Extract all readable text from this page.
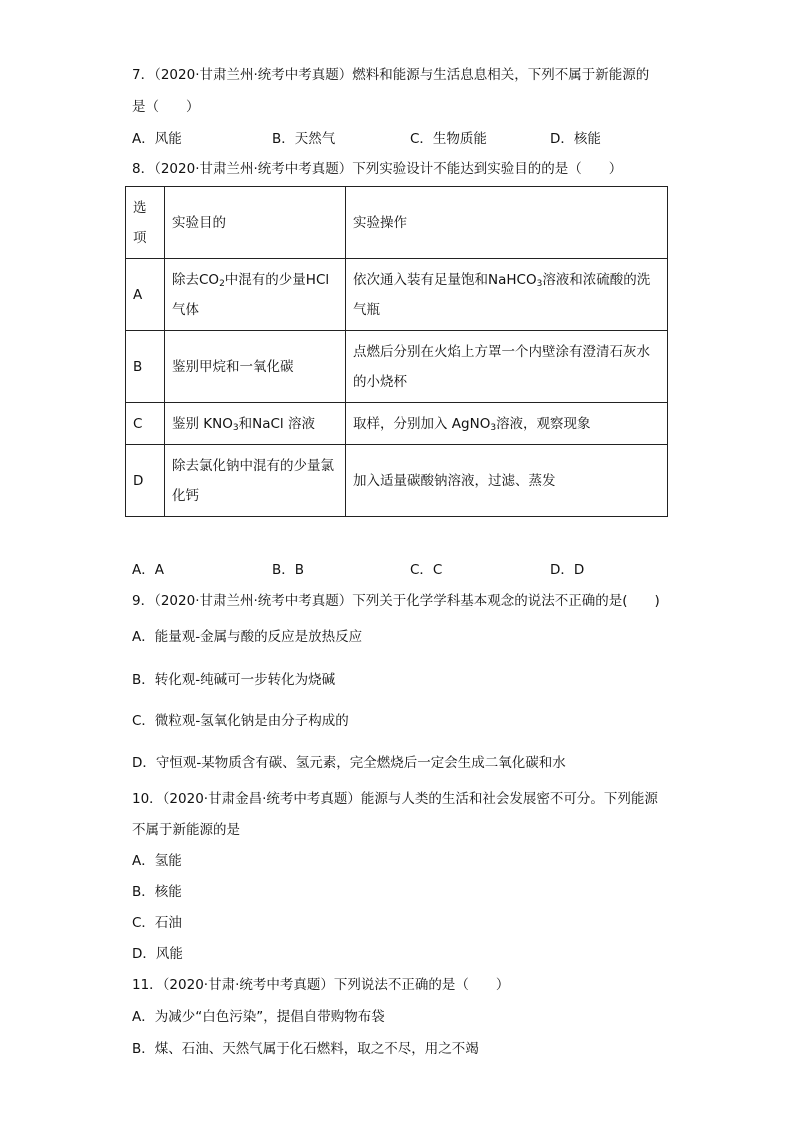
7．（2020·甘肃兰州·统考中考真题）燃料和能源与生活息息相关，下列不属于新能源的
是（　　）
A．风能	B．天然气	C．生物质能	D．核能
8．（2020·甘肃兰州·统考中考真题）下列实验设计不能达到实验目的的是（　　）
选项	实验目的	实验操作
A	除去$CO_2$中混有的少量HCl气体	依次通入装有足量饱和NaHCO$_3$溶液和浓硫酸的洗气瓶
B	鉴别甲烷和一氧化碳	点燃后分别在火焰上方罩一个内壁涂有澄清石灰水的小烧杯
C	鉴别 $KNO_3$和NaCl 溶液	取样，分别加入 AgNO$_3$溶液，观察现象
D	除去氯化钠中混有的少量氯化钙	加入适量碳酸钠溶液，过滤、蒸发
A．A	B．B	C．C	D．D
9．（2020·甘肃兰州·统考中考真题）下列关于化学学科基本观念的说法不正确的是(　　)
A．能量观-金属与酸的反应是放热反应
B．转化观-纯碱可一步转化为烧碱
C．微粒观-氢氧化钠是由分子构成的
D．守恒观-某物质含有碳、氢元素，完全燃烧后一定会生成二氧化碳和水
10．（2020·甘肃金昌·统考中考真题）能源与人类的生活和社会发展密不可分。下列能源
不属于新能源的是
A．氢能
B．核能
C．石油
D．风能
11．（2020·甘肃·统考中考真题）下列说法不正确的是（　　）
A．为减少“白色污染”，提倡自带购物布袋
B．煤、石油、天然气属于化石燃料，取之不尽，用之不竭
